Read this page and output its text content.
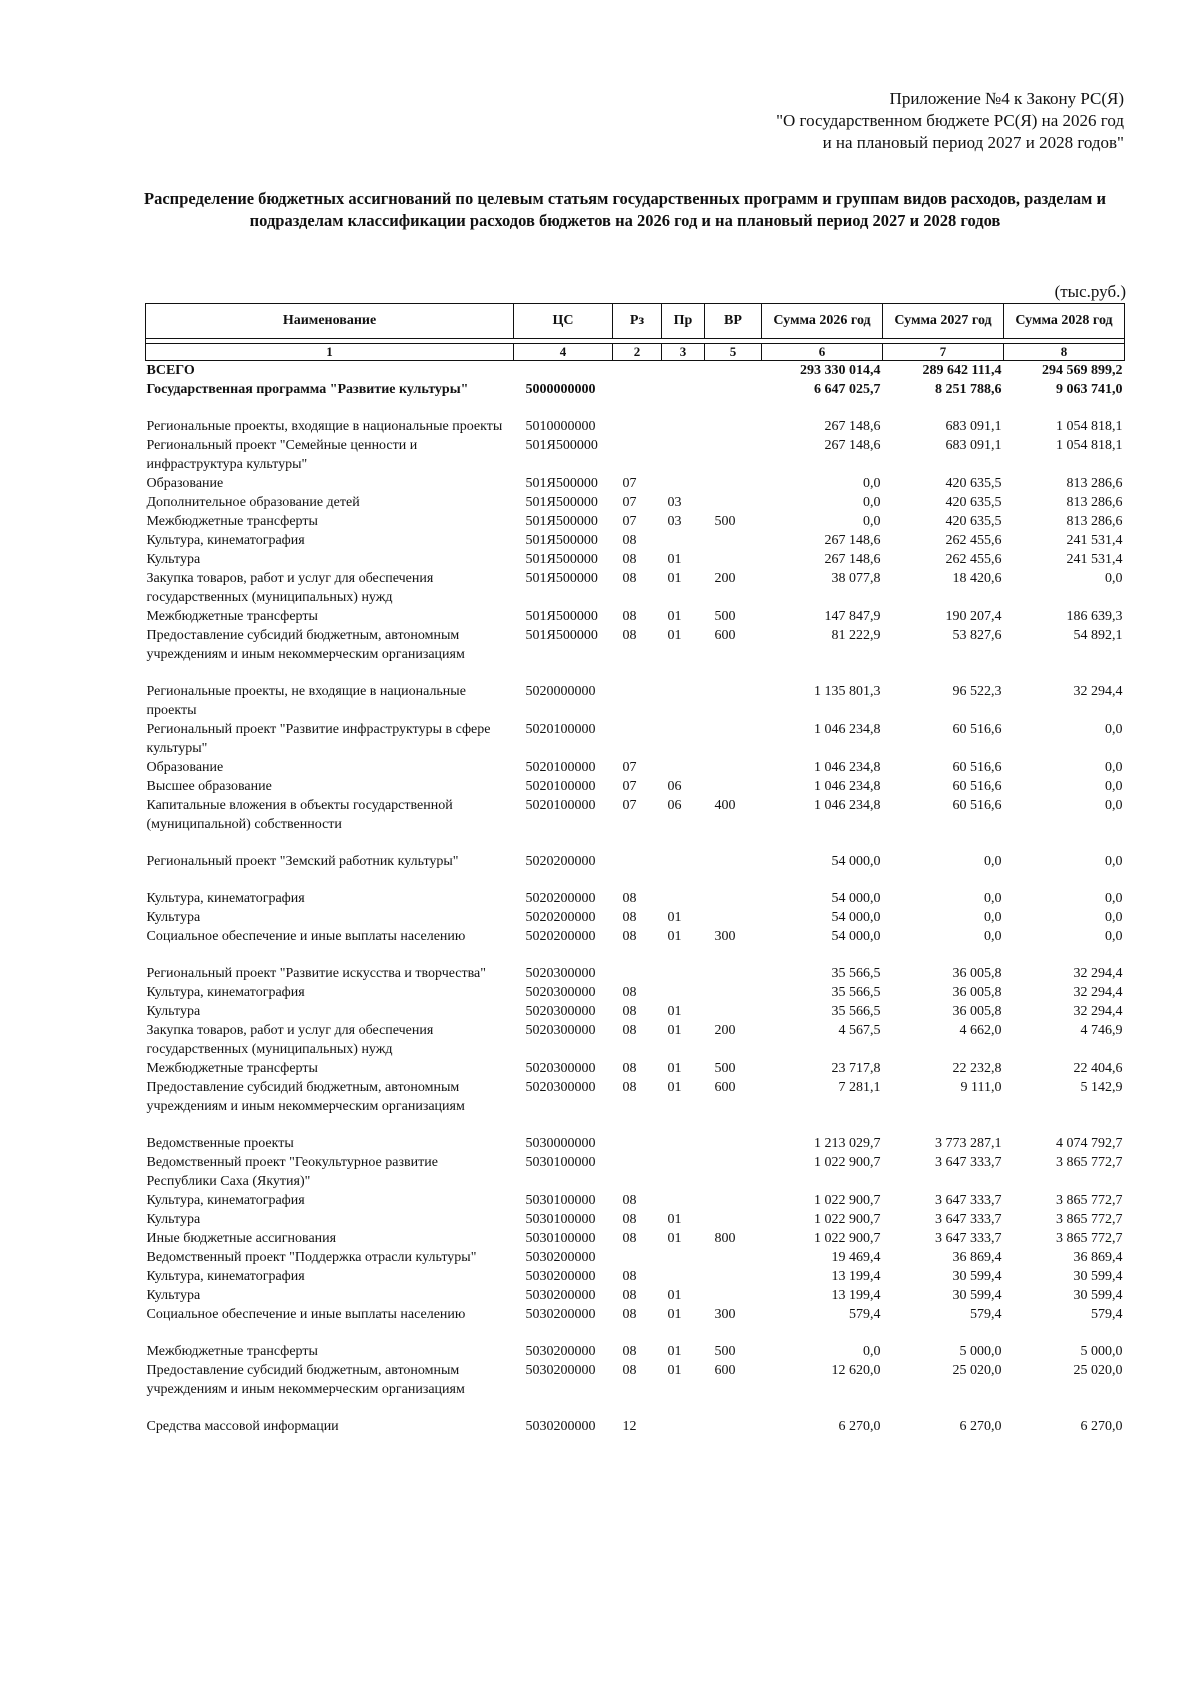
Приложение №4 к Закону РС(Я)
"О государственном бюджете РС(Я) на 2026 год
и на плановый период 2027 и 2028 годов"
Распределение бюджетных ассигнований по целевым статьям государственных программ и группам видов расходов, разделам и подразделам классификации расходов бюджетов на 2026 год и на плановый период 2027 и 2028 годов
(тыс.руб.)
Наименование	ЦС	Рз	Пр	ВР	Сумма 2026 год	Сумма 2027 год	Сумма 2028 год

1	4	2	3	5	6	7	8
ВСЕГО					293 330 014,4	289 642 111,4	294 569 899,2
Государственная программа "Развитие культуры"	5000000000				6 647 025,7	8 251 788,6	9 063 741,0
Региональные проекты, входящие в национальные проекты	5010000000				267 148,6	683 091,1	1 054 818,1
Региональный проект "Семейные ценности и инфраструктура культуры"	501Я500000				267 148,6	683 091,1	1 054 818,1
Образование	501Я500000	07			0,0	420 635,5	813 286,6
Дополнительное образование детей	501Я500000	07	03		0,0	420 635,5	813 286,6
Межбюджетные трансферты	501Я500000	07	03	500	0,0	420 635,5	813 286,6
Культура, кинематография	501Я500000	08			267 148,6	262 455,6	241 531,4
Культура	501Я500000	08	01		267 148,6	262 455,6	241 531,4
Закупка товаров, работ и услуг для обеспечения государственных (муниципальных) нужд	501Я500000	08	01	200	38 077,8	18 420,6	0,0
Межбюджетные трансферты	501Я500000	08	01	500	147 847,9	190 207,4	186 639,3
Предоставление субсидий бюджетным, автономным учреждениям и иным некоммерческим организациям	501Я500000	08	01	600	81 222,9	53 827,6	54 892,1
Региональные проекты, не входящие в национальные проекты	5020000000				1 135 801,3	96 522,3	32 294,4
Региональный проект "Развитие инфраструктуры в сфере культуры"	5020100000				1 046 234,8	60 516,6	0,0
Образование	5020100000	07			1 046 234,8	60 516,6	0,0
Высшее образование	5020100000	07	06		1 046 234,8	60 516,6	0,0
Капитальные вложения в объекты государственной (муниципальной) собственности	5020100000	07	06	400	1 046 234,8	60 516,6	0,0
Региональный проект "Земский работник культуры"	5020200000				54 000,0	0,0	0,0
Культура, кинематография	5020200000	08			54 000,0	0,0	0,0
Культура	5020200000	08	01		54 000,0	0,0	0,0
Социальное обеспечение и иные выплаты населению	5020200000	08	01	300	54 000,0	0,0	0,0
Региональный проект "Развитие искусства и творчества"	5020300000				35 566,5	36 005,8	32 294,4
Культура, кинематография	5020300000	08			35 566,5	36 005,8	32 294,4
Культура	5020300000	08	01		35 566,5	36 005,8	32 294,4
Закупка товаров, работ и услуг для обеспечения государственных (муниципальных) нужд	5020300000	08	01	200	4 567,5	4 662,0	4 746,9
Межбюджетные трансферты	5020300000	08	01	500	23 717,8	22 232,8	22 404,6
Предоставление субсидий бюджетным, автономным учреждениям и иным некоммерческим организациям	5020300000	08	01	600	7 281,1	9 111,0	5 142,9
Ведомственные проекты	5030000000				1 213 029,7	3 773 287,1	4 074 792,7
Ведомственный проект "Геокультурное развитие Республики Саха (Якутия)"	5030100000				1 022 900,7	3 647 333,7	3 865 772,7
Культура, кинематография	5030100000	08			1 022 900,7	3 647 333,7	3 865 772,7
Культура	5030100000	08	01		1 022 900,7	3 647 333,7	3 865 772,7
Иные бюджетные ассигнования	5030100000	08	01	800	1 022 900,7	3 647 333,7	3 865 772,7
Ведомственный проект "Поддержка отрасли культуры"	5030200000				19 469,4	36 869,4	36 869,4
Культура, кинематография	5030200000	08			13 199,4	30 599,4	30 599,4
Культура	5030200000	08	01		13 199,4	30 599,4	30 599,4
Социальное обеспечение и иные выплаты населению	5030200000	08	01	300	579,4	579,4	579,4
Межбюджетные трансферты	5030200000	08	01	500	0,0	5 000,0	5 000,0
Предоставление субсидий бюджетным, автономным учреждениям и иным некоммерческим организациям	5030200000	08	01	600	12 620,0	25 020,0	25 020,0
Средства массовой информации	5030200000	12			6 270,0	6 270,0	6 270,0
